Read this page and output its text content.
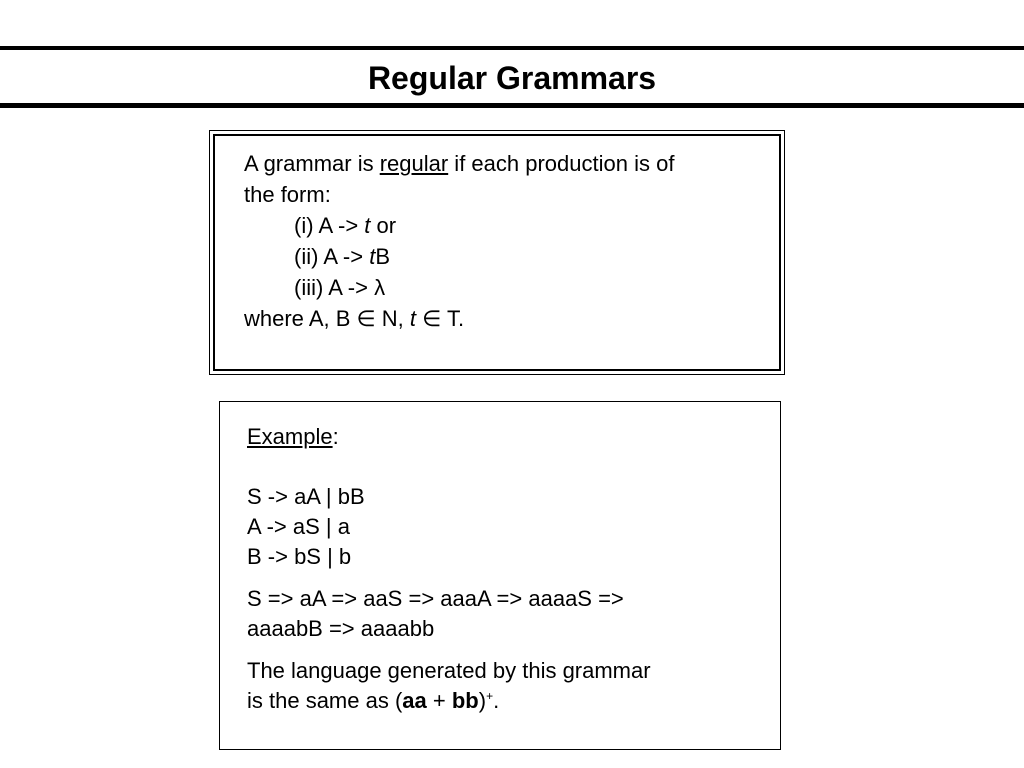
Regular Grammars
A grammar is regular if each production is of
the form:
(i) A -> t or
(ii) A -> tB
(iii) A -> λ
where A, B ∈ N, t ∈ T.
Example:
S -> aA | bB
A -> aS | a
B -> bS | b
S => aA => aaS => aaaA => aaaaS =>
aaaabB => aaaabb
The language generated by this grammar
is the same as (aa + bb)+.
